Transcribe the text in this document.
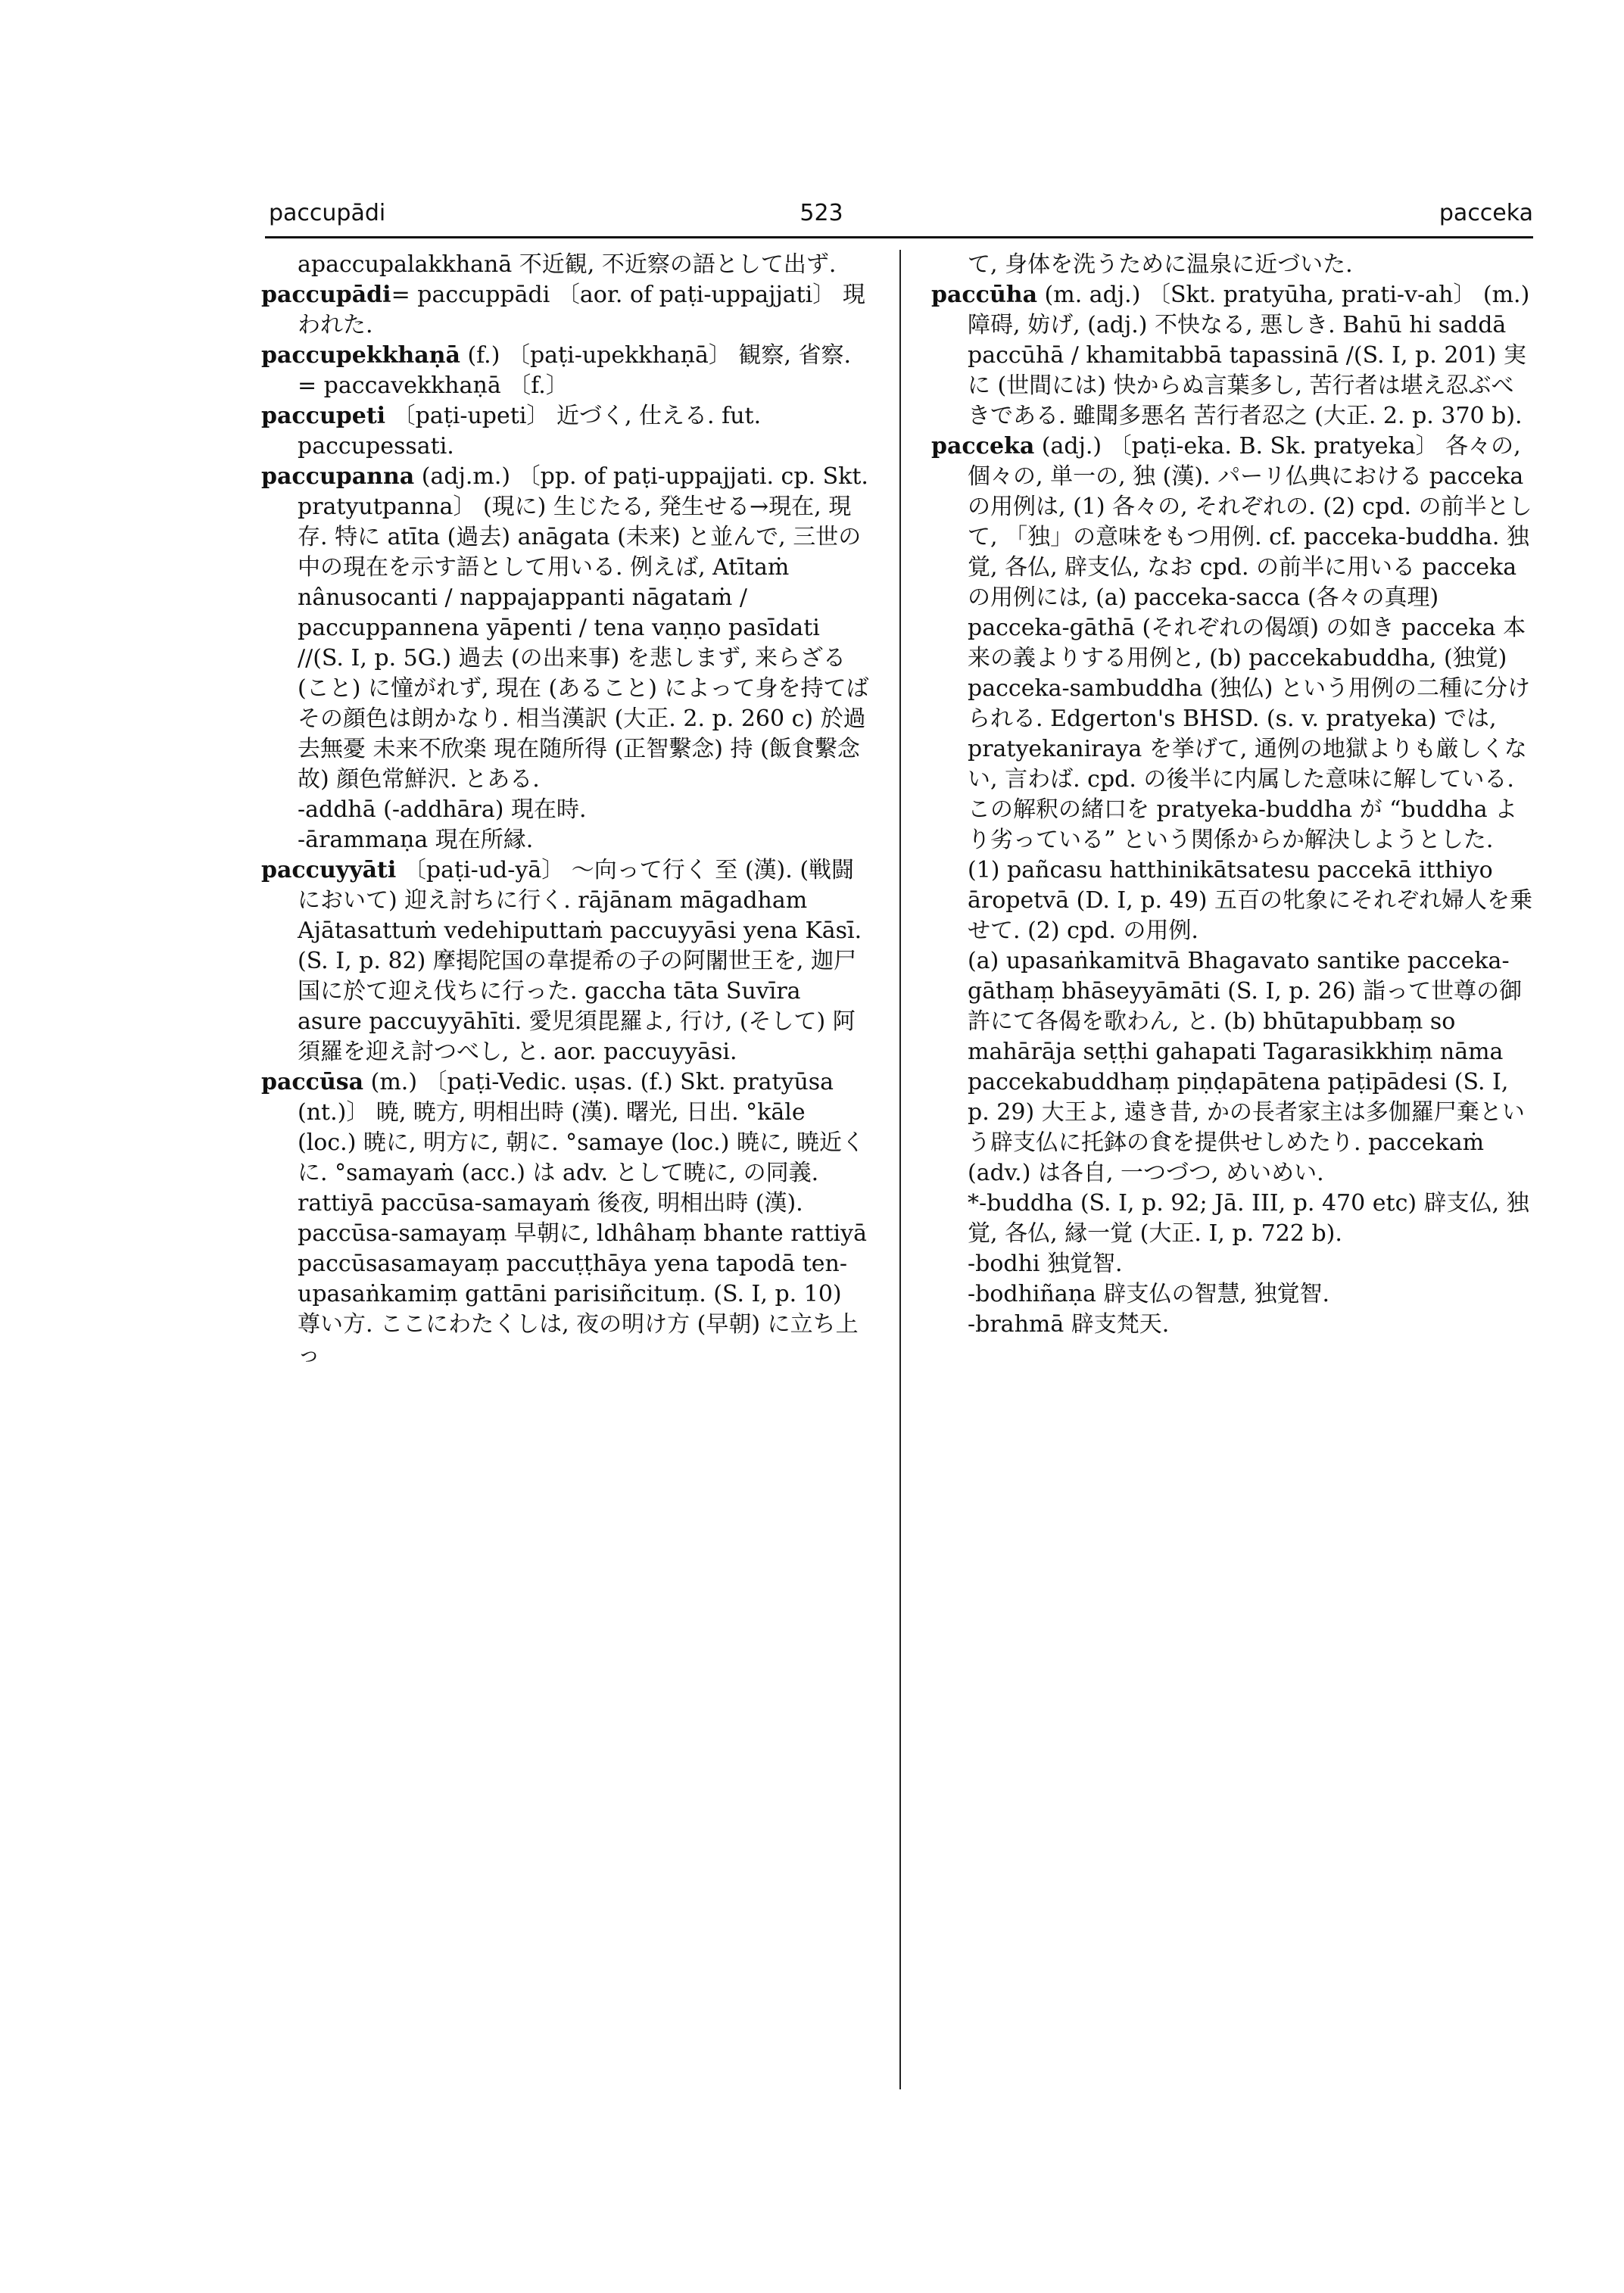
paccupādi	523	pacceka

apaccupalakkhanā 不近観, 不近察の語として出ず.

paccupādi= paccuppādi 〔aor. of paṭi-uppajjati〕 現われた.

paccupekkhaṇā (f.) 〔paṭi-upekkhaṇā〕 観察, 省察. = paccavekkhaṇā 〔f.〕

paccupeti 〔paṭi-upeti〕 近づく, 仕える. fut. paccupessati.

paccupanna (adj.m.) 〔pp. of paṭi-uppajjati. cp. Skt. pratyutpanna〕 (現に) 生じたる, 発生せる→現在, 現存. 特に atīta (過去) anāgata (未来) と並んで, 三世の中の現在を示す語として用いる. 例えば, Atītaṁ nânusocanti / nappajappanti nāgataṁ / paccuppannena yāpenti / tena vaṇṇo pasīdati //(S. I, p. 5G.) 過去 (の出来事) を悲しまず, 来らざる (こと) に憧がれず, 現在 (あること) によって身を持てば その顔色は朗かなり. 相当漢訳 (大正. 2. p. 260 c) 於過去無憂 未来不欣楽 現在随所得 (正智繫念) 持 (飯食繫念故) 顔色常鮮沢. とある.

-addhā (-addhāra) 現在時.

-ārammaṇa 現在所縁.

paccuyyāti 〔paṭi-ud-yā〕 ～向って行く 至 (漢). (戦闘において) 迎え討ちに行く. rājānam māgadham Ajātasattuṁ vedehiputtaṁ paccuyyāsi yena Kāsī. (S. I, p. 82) 摩掲陀国の韋提希の子の阿闍世王を, 迦尸国に於て迎え伐ちに行った. gaccha tāta Suvīra asure paccuyyāhīti. 愛児須毘羅よ, 行け, (そして) 阿須羅を迎え討つべし, と. aor. paccuyyāsi.

paccūsa (m.) 〔paṭi-Vedic. uṣas. (f.) Skt. pratyūsa (nt.)〕 暁, 暁方, 明相出時 (漢). 曙光, 日出. °kāle (loc.) 暁に, 明方に, 朝に. °samaye (loc.) 暁に, 暁近くに. °samayaṁ (acc.) は adv. として暁に, の同義. rattiyā paccūsa-samayaṁ 後夜, 明相出時 (漢).

paccūsa-samayaṃ 早朝に, ldhâhaṃ bhante rattiyā paccūsasamayaṃ paccuṭṭhāya yena tapodā ten-upasaṅkamiṃ gattāni parisiñcituṃ. (S. I, p. 10) 尊い方. ここにわたくしは, 夜の明け方 (早朝) に立ち上っ

て, 身体を洗うために温泉に近づいた.

paccūha (m. adj.) 〔Skt. pratyūha, prati-v-ah〕 (m.) 障碍, 妨げ, (adj.) 不快なる, 悪しき. Bahū hi saddā paccūhā / khamitabbā tapassinā /(S. I, p. 201) 実に (世間には) 快からぬ言葉多し, 苦行者は堪え忍ぶべきである. 雖聞多悪名 苦行者忍之 (大正. 2. p. 370 b).

pacceka (adj.) 〔paṭi-eka. B. Sk. pratyeka〕 各々の, 個々の, 単一の, 独 (漢). パーリ仏典における pacceka の用例は, (1) 各々の, それぞれの. (2) cpd. の前半として, 「独」の意味をもつ用例. cf. pacceka-buddha. 独覚, 各仏, 辟支仏, なお cpd. の前半に用いる pacceka の用例には, (a) pacceka-sacca (各々の真理) pacceka-gāthā (それぞれの偈頌) の如き pacceka 本来の義よりする用例と, (b) paccekabuddha, (独覚) pacceka-sambuddha (独仏) という用例の二種に分けられる. Edgerton's BHSD. (s. v. pratyeka) では, pratyekaniraya を挙げて, 通例の地獄よりも厳しくない, 言わば. cpd. の後半に内属した意味に解している. この解釈の緒口を pratyeka-buddha が “buddha より劣っている” という関係からか解決しようとした.

(1) pañcasu hatthinikātsatesu paccekā itthiyo āropetvā (D. I, p. 49) 五百の牝象にそれぞれ婦人を乗せて. (2) cpd. の用例.

(a) upasaṅkamitvā Bhagavato santike pacceka-gāthaṃ bhāseyyāmāti (S. I, p. 26) 詣って世尊の御許にて各偈を歌わん, と. (b) bhūtapubbaṃ so mahārāja seṭṭhi gahapati Tagarasikkhiṃ nāma paccekabuddhaṃ piṇḍapātena paṭipādesi (S. I, p. 29) 大王よ, 遠き昔, かの長者家主は多伽羅尸棄という辟支仏に托鉢の食を提供せしめたり. paccekaṁ (adv.) は各自, 一つづつ, めいめい.

*-buddha (S. I, p. 92; Jā. III, p. 470 etc) 辟支仏, 独覚, 各仏, 縁一覚 (大正. I, p. 722 b).

-bodhi 独覚智.

-bodhiñaṇa 辟支仏の智慧, 独覚智.

-brahmā 辟支梵天.
